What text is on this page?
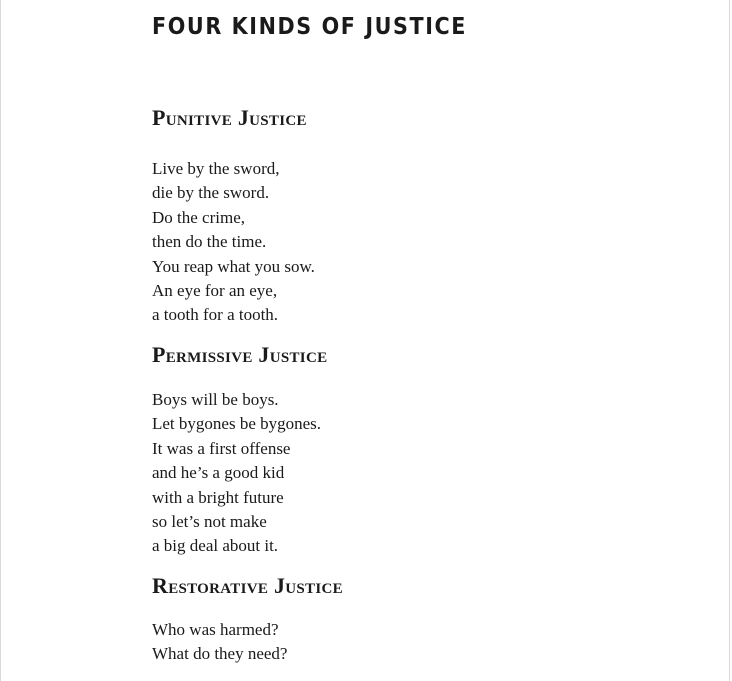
FOUR KINDS OF JUSTICE
Punitive Justice
Live by the sword,
die by the sword.
Do the crime,
then do the time.
You reap what you sow.
An eye for an eye,
a tooth for a tooth.
Permissive Justice
Boys will be boys.
Let bygones be bygones.
It was a first offense
and he’s a good kid
with a bright future
so let’s not make
a big deal about it.
Restorative Justice
Who was harmed?
What do they need?
